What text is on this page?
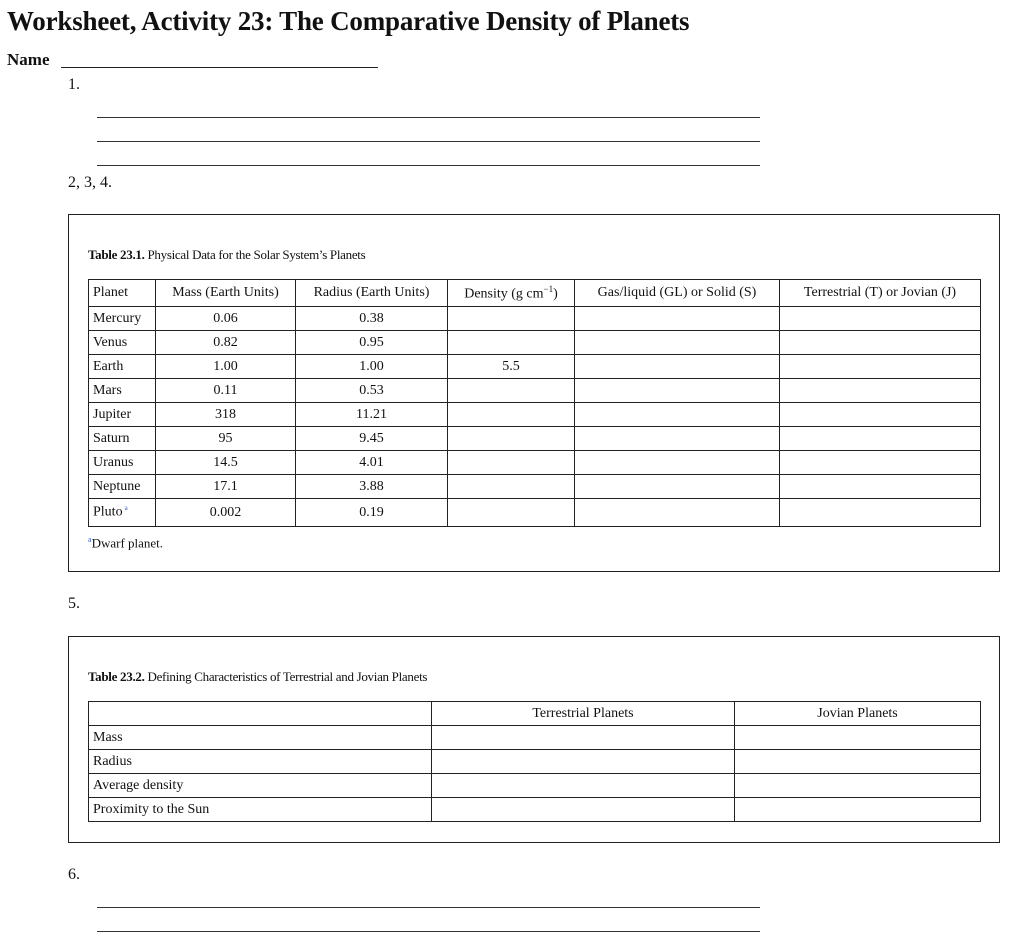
Worksheet, Activity 23: The Comparative Density of Planets
Name
1.
2, 3, 4.
Table 23.1. Physical Data for the Solar System’s Planets
Planet	Mass (Earth Units)	Radius (Earth Units)	Density (g $cm^{-1}$)	Gas/liquid (GL) or Solid (S)	Terrestrial (T) or Jovian (J)
Mercury	0.06	0.38			
Venus	0.82	0.95			
Earth	1.00	1.00	5.5		
Mars	0.11	0.53			
Jupiter	318	11.21			
Saturn	95	9.45			
Uranus	14.5	4.01			
Neptune	17.1	3.88			
Pluto $^a$	0.002	0.19			
$^a$Dwarf planet.
5.
Table 23.2. Defining Characteristics of Terrestrial and Jovian Planets
	Terrestrial Planets	Jovian Planets
Mass		
Radius		
Average density		
Proximity to the Sun		
6.
